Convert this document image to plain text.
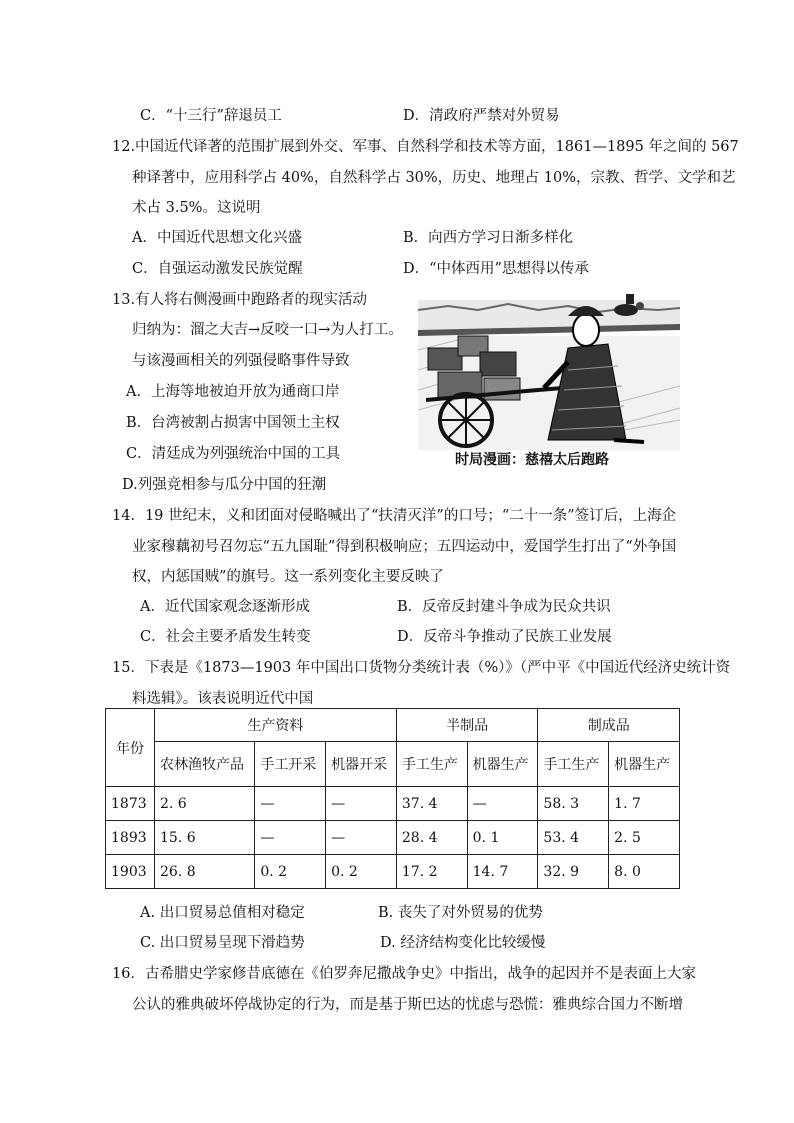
C．“十三行”辞退员工	D．清政府严禁对外贸易
12.中国近代译著的范围扩展到外交、军事、自然科学和技术等方面，1861—1895 年之间的 567
种译著中，应用科学占 40%，自然科学占 30%，历史、地理占 10%，宗教、哲学、文学和艺
术占 3.5%。这说明
A．中国近代思想文化兴盛	B．向西方学习日渐多样化
C．自强运动激发民族觉醒	D．“中体西用”思想得以传承
13.有人将右侧漫画中跑路者的现实活动
归纳为：溜之大吉→反咬一口→为人打工。
与该漫画相关的列强侵略事件导致
A．上海等地被迫开放为通商口岸
B．台湾被割占损害中国领土主权
C．清廷成为列强统治中国的工具
D.列强竞相参与瓜分中国的狂潮
时局漫画：慈禧太后跑路
14．19 世纪末，义和团面对侵略喊出了“扶清灭洋”的口号；“二十一条”签订后，上海企
业家穆藕初号召勿忘“五九国耻”得到积极响应；五四运动中，爱国学生打出了“外争国
权，内惩国贼”的旗号。这一系列变化主要反映了
A．近代国家观念逐渐形成	B．反帝反封建斗争成为民众共识
C．社会主要矛盾发生转变	D．反帝斗争推动了民族工业发展
15．下表是《1873—1903 年中国出口货物分类统计表（%）》（严中平《中国近代经济史统计资
料选辑》。该表说明近代中国
年份	生产资料			半制品		制成品	
	农林渔牧产品	手工开采	机器开采	手工生产	机器生产	手工生产	机器生产
1873	2. 6	—	—	37. 4	—	58. 3	1. 7
1893	15. 6	—	—	28. 4	0. 1	53. 4	2. 5
1903	26. 8	0. 2	0. 2	17. 2	14. 7	32. 9	8. 0
A. 出口贸易总值相对稳定	B. 丧失了对外贸易的优势
C. 出口贸易呈现下滑趋势	D. 经济结构变化比较缓慢
16．古希腊史学家修昔底德在《伯罗奔尼撒战争史》中指出，战争的起因并不是表面上大家
公认的雅典破坏停战协定的行为，而是基于斯巴达的忧虑与恐慌：雅典综合国力不断增
